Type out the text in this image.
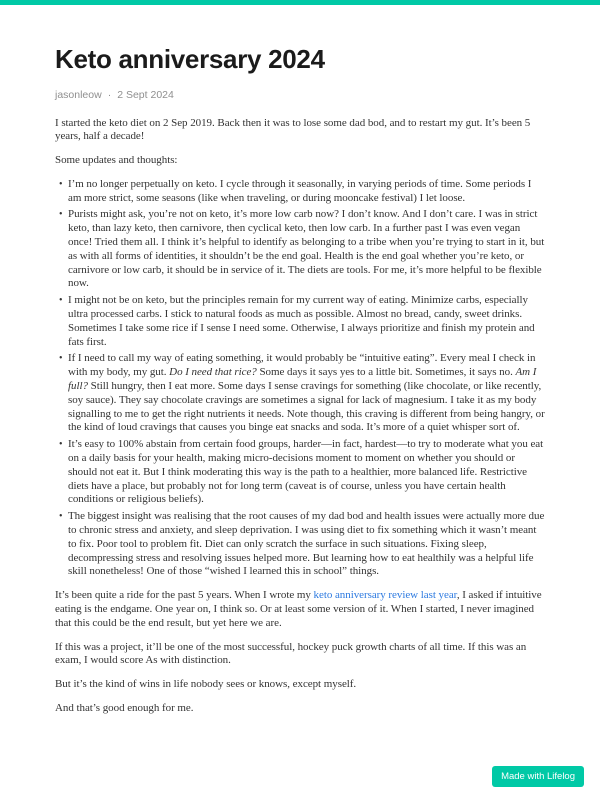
Keto anniversary 2024
jasonleow · 2 Sept 2024

I started the keto diet on 2 Sep 2019. Back then it was to lose some dad bod, and to restart my gut. It’s been 5 years, half a decade!

Some updates and thoughts:

• I’m no longer perpetually on keto. I cycle through it seasonally, in varying periods of time. Some periods I am more strict, some seasons (like when traveling, or during mooncake festival) I let loose.
• Purists might ask, you’re not on keto, it’s more low carb now? I don’t know. And I don’t care. I was in strict keto, than lazy keto, then carnivore, then cyclical keto, then low carb. In a further past I was even vegan once! Tried them all. I think it’s helpful to identify as belonging to a tribe when you’re trying to start in it, but as with all forms of identities, it shouldn’t be the end goal. Health is the end goal whether you’re keto, or carnivore or low carb, it should be in service of it. The diets are tools. For me, it’s more helpful to be flexible now.
• I might not be on keto, but the principles remain for my current way of eating. Minimize carbs, especially ultra processed carbs. I stick to natural foods as much as possible. Almost no bread, candy, sweet drinks. Sometimes I take some rice if I sense I need some. Otherwise, I always prioritize and finish my protein and fats first.
• If I need to call my way of eating something, it would probably be “intuitive eating”. Every meal I check in with my body, my gut. Do I need that rice? Some days it says yes to a little bit. Sometimes, it says no. Am I full? Still hungry, then I eat more. Some days I sense cravings for something (like chocolate, or like recently, soy sauce). They say chocolate cravings are sometimes a signal for lack of magnesium. I take it as my body signalling to me to get the right nutrients it needs. Note though, this craving is different from being hangry, or the kind of loud cravings that causes you binge eat snacks and soda. It’s more of a quiet whisper sort of.
• It’s easy to 100% abstain from certain food groups, harder—in fact, hardest—to try to moderate what you eat on a daily basis for your health, making micro-decisions moment to moment on whether you should or should not eat it. But I think moderating this way is the path to a healthier, more balanced life. Restrictive diets have a place, but probably not for long term (caveat is of course, unless you have certain health conditions or religious beliefs).
• The biggest insight was realising that the root causes of my dad bod and health issues were actually more due to chronic stress and anxiety, and sleep deprivation. I was using diet to fix something which it wasn’t meant to fix. Poor tool to problem fit. Diet can only scratch the surface in such situations. Fixing sleep, decompressing stress and resolving issues helped more. But learning how to eat healthily was a helpful life skill nonetheless! One of those “wished I learned this in school” things.

It’s been quite a ride for the past 5 years. When I wrote my keto anniversary review last year, I asked if intuitive eating is the endgame. One year on, I think so. Or at least some version of it. When I started, I never imagined that this could be the end result, but yet here we are.

If this was a project, it’ll be one of the most successful, hockey puck growth charts of all time. If this was an exam, I would score As with distinction.

But it’s the kind of wins in life nobody sees or knows, except myself.

And that’s good enough for me.

Made with Lifelog
